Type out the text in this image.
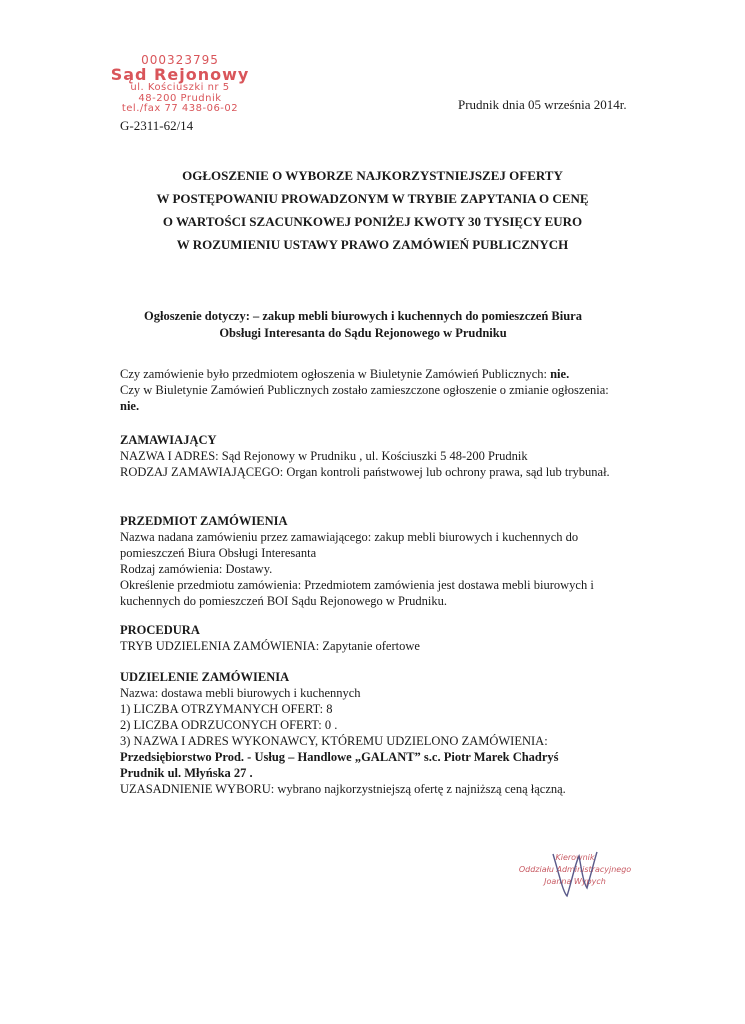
000323795
Sąd Rejonowy
ul. Kościuszki nr 5
48-200 Prudnik
tel./fax 77 438-06-02
G-2311-62/14
Prudnik dnia 05 września 2014r.
OGŁOSZENIE O WYBORZE NAJKORZYSTNIEJSZEJ OFERTY
W POSTĘPOWANIU PROWADZONYM W TRYBIE ZAPYTANIA O CENĘ
O WARTOŚCI SZACUNKOWEJ PONIŻEJ KWOTY 30 TYSIĘCY EURO
W ROZUMIENIU USTAWY PRAWO ZAMÓWIEŃ PUBLICZNYCH
Ogłoszenie dotyczy: – zakup mebli biurowych i kuchennych do pomieszczeń Biura
Obsługi Interesanta do Sądu Rejonowego w Prudniku

Czy zamówienie było przedmiotem ogłoszenia w Biuletynie Zamówień Publicznych: nie.

Czy w Biuletynie Zamówień Publicznych zostało zamieszczone ogłoszenie o zmianie ogłoszenia: nie.

ZAMAWIAJĄCY

NAZWA I ADRES: Sąd Rejonowy w Prudniku , ul. Kościuszki 5 48-200 Prudnik

RODZAJ ZAMAWIAJĄCEGO: Organ kontroli państwowej lub ochrony prawa, sąd lub trybunał.

PRZEDMIOT ZAMÓWIENIA

Nazwa nadana zamówieniu przez zamawiającego: zakup mebli biurowych i kuchennych do pomieszczeń Biura Obsługi Interesanta

Rodzaj zamówienia: Dostawy.

Określenie przedmiotu zamówienia: Przedmiotem zamówienia jest dostawa mebli biurowych i kuchennych do pomieszczeń BOI Sądu Rejonowego w Prudniku.

PROCEDURA

TRYB UDZIELENIA ZAMÓWIENIA: Zapytanie ofertowe

UDZIELENIE ZAMÓWIENIA

Nazwa: dostawa mebli biurowych i kuchennych

1) LICZBA OTRZYMANYCH OFERT: 8

2) LICZBA ODRZUCONYCH OFERT: 0 .

3) NAZWA I ADRES WYKONAWCY, KTÓREMU UDZIELONO ZAMÓWIENIA:

Przedsiębiorstwo Prod. - Usług – Handlowe „GALANT” s.c. Piotr Marek Chadryś

Prudnik ul. Młyńska 27 .

UZASADNIENIE WYBORU: wybrano najkorzystniejszą ofertę z najniższą ceną łączną.

Kierownik
Oddziału Administracyjnego
Joanna Wypych
